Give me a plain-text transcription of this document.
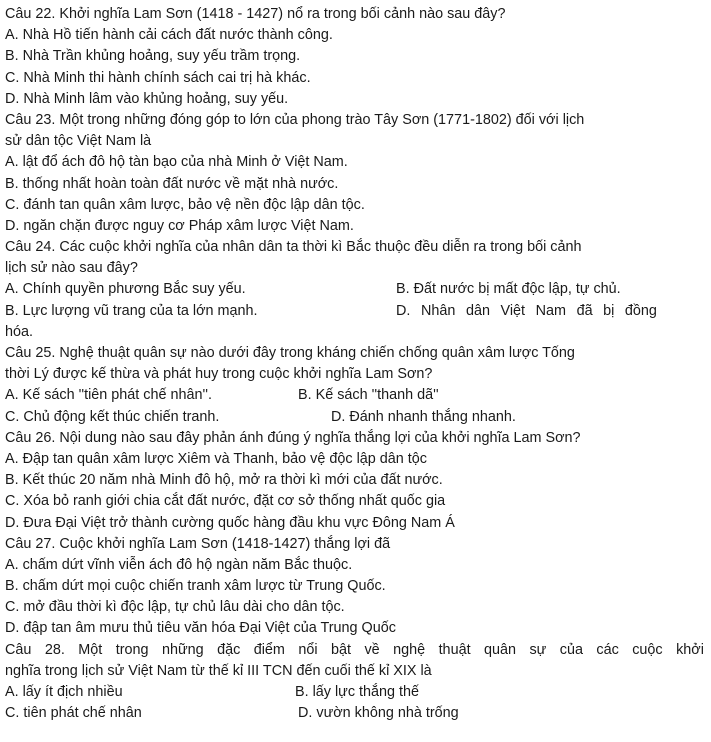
Câu 22. Khởi nghĩa Lam Sơn (1418 - 1427) nổ ra trong bối cảnh nào sau đây?
A. Nhà Hồ tiến hành cải cách đất nước thành công.
B. Nhà Trần khủng hoảng, suy yếu trầm trọng.
C. Nhà Minh thi hành chính sách cai trị hà khác.
D. Nhà Minh lâm vào khủng hoảng, suy yếu.
Câu 23. Một trong những đóng góp to lớn của phong trào Tây Sơn (1771-1802) đối với lịch
sử dân tộc Việt Nam là
A. lật đổ ách đô hộ tàn bạo của nhà Minh ở Việt Nam.
B. thống nhất hoàn toàn đất nước về mặt nhà nước.
C. đánh tan quân xâm lược, bảo vệ nền độc lập dân tộc.
D. ngăn chặn được nguy cơ Pháp xâm lược Việt Nam.
Câu 24. Các cuộc khởi nghĩa của nhân dân ta thời kì Bắc thuộc đều diễn ra trong bối cảnh
lịch sử nào sau đây?
A. Chính quyền phương Bắc suy yếu.	B. Đất nước bị mất độc lập, tự chủ.
B. Lực lượng vũ trang của ta lớn mạnh.	D. Nhân dân Việt Nam đã bị đồng
hóa.
Câu 25. Nghệ thuật quân sự nào dưới đây trong kháng chiến chống quân xâm lược Tống
thời Lý được kế thừa và phát huy trong cuộc khởi nghĩa Lam Sơn?
A. Kế sách ''tiên phát chế nhân''.	B. Kế sách ''thanh dã''
C. Chủ động kết thúc chiến tranh.	D. Đánh nhanh thắng nhanh.
Câu 26. Nội dung nào sau đây phản ánh đúng ý nghĩa thắng lợi của khởi nghĩa Lam Sơn?
A. Đập tan quân xâm lược Xiêm và Thanh, bảo vệ độc lập dân tộc
B. Kết thúc 20 năm nhà Minh đô hộ, mở ra thời kì mới của đất nước.
C. Xóa bỏ ranh giới chia cắt đất nước, đặt cơ sở thống nhất quốc gia
D. Đưa Đại Việt trở thành cường quốc hàng đầu khu vực Đông Nam Á
Câu 27. Cuộc khởi nghĩa Lam Sơn (1418-1427) thắng lợi đã
A. chấm dứt vĩnh viễn ách đô hộ ngàn năm Bắc thuộc.
B. chấm dứt mọi cuộc chiến tranh xâm lược từ Trung Quốc.
C. mở đầu thời kì độc lập, tự chủ lâu dài cho dân tộc.
D. đập tan âm mưu thủ tiêu văn hóa Đại Việt của Trung Quốc
Câu 28. Một trong những đặc điểm nổi bật về nghệ thuật quân sự của các cuộc khởi
nghĩa trong lịch sử Việt Nam từ thế kỉ III TCN đến cuối thế kỉ XIX là
A. lấy ít địch nhiều	B. lấy lực thắng thế
C. tiên phát chế nhân	D. vườn không nhà trống
